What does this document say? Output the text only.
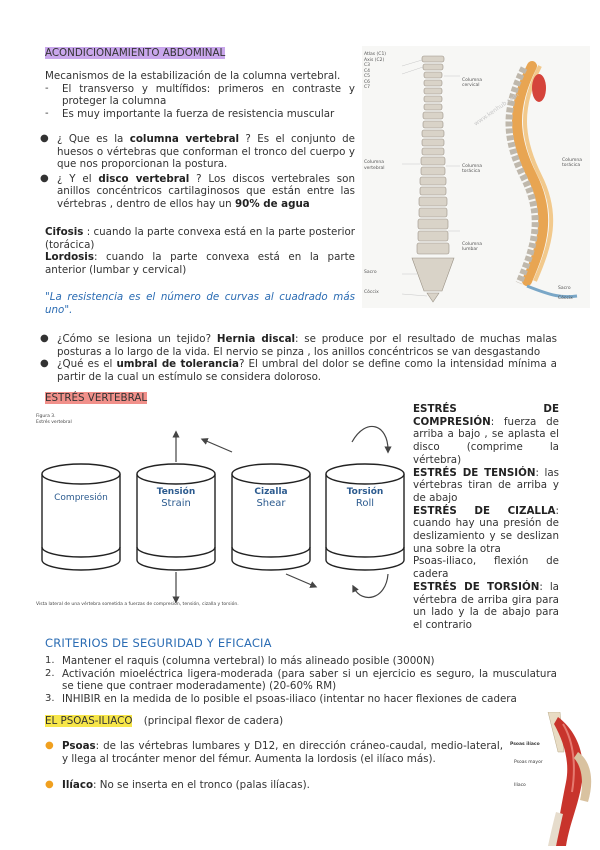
ACONDICIONAMIENTO ABDOMINAL
Mecanismos de la estabilización de la columna vertebral.
- El transverso y multífidos: primeros en contraste y proteger la columna
- Es muy importante la fuerza de resistencia muscular
● ¿ Que es la columna vertebral ? Es el conjunto de huesos o vértebras que conforman el tronco del cuerpo y que nos proporcionan la postura.
● ¿ Y el disco vertebral ? Los discos vertebrales son anillos concéntricos cartilaginosos que están entre las vértebras , dentro de ellos hay un 90% de agua
Cifosis : cuando la parte convexa está en la parte posterior (torácica)
Lordosis: cuando la parte convexa está en la parte anterior (lumbar y cervical)
"La resistencia es el número de curvas al cuadrado más uno".
Atlas (C1)
Axis (C2)
C3
C4
C5
C6
C7
Columna vertebral
Sacro
Cóccix
Columna cervical
Columna torácica
Columna lumbar
Columna torácica
Sacro
Cóccix
www.kenhub.com
● ¿Cómo se lesiona un tejido? Hernia discal: se produce por el resultado de muchas malas posturas a lo largo de la vida. El nervio se pinza , los anillos concéntricos se van desgastando
● ¿Qué es el umbral de tolerancia? El umbral del dolor se define como la intensidad mínima a partir de la cual un estímulo se considera doloroso.
ESTRÉS VERTEBRAL
Figura 3.
Estrés vertebral
Compresión
Tensión
Strain
Cizalla
Shear
Torsión
Roll
Vista lateral de una vértebra sometida a fuerzas de compresión, tensión, cizalla y torsión.
ESTRÉS DE COMPRESIÓN: fuerza de arriba a bajo , se aplasta el disco (comprime la vértebra)
ESTRÉS DE TENSIÓN: las vértebras tiran de arriba y de abajo
ESTRÉS DE CIZALLA: cuando hay una presión de deslizamiento y se deslizan una sobre la otra
Psoas-iliaco, flexión de cadera
ESTRÉS DE TORSIÓN: la vértebra de arriba gira para un lado y la de abajo para el contrario
CRITERIOS DE SEGURIDAD Y EFICACIA
1. Mantener el raquis (columna vertebral) lo más alineado posible (3000N)
2. Activación mioeléctrica ligera-moderada (para saber si un ejercicio es seguro, la musculatura se tiene que contraer moderadamente) (20-60% RM)
3. INHIBIR en la medida de lo posible el psoas-iliaco (intentar no hacer flexiones de cadera
EL PSOAS-ILIACO (principal flexor de cadera)
● Psoas: de las vértebras lumbares y D12, en dirección cráneo-caudal, medio-lateral, y llega al trocánter menor del fémur. Aumenta la lordosis (el ilíaco más).
● Ilíaco: No se inserta en el tronco (palas ilíacas).
Psoas ilíaco
Psoas mayor
Ilíaco
